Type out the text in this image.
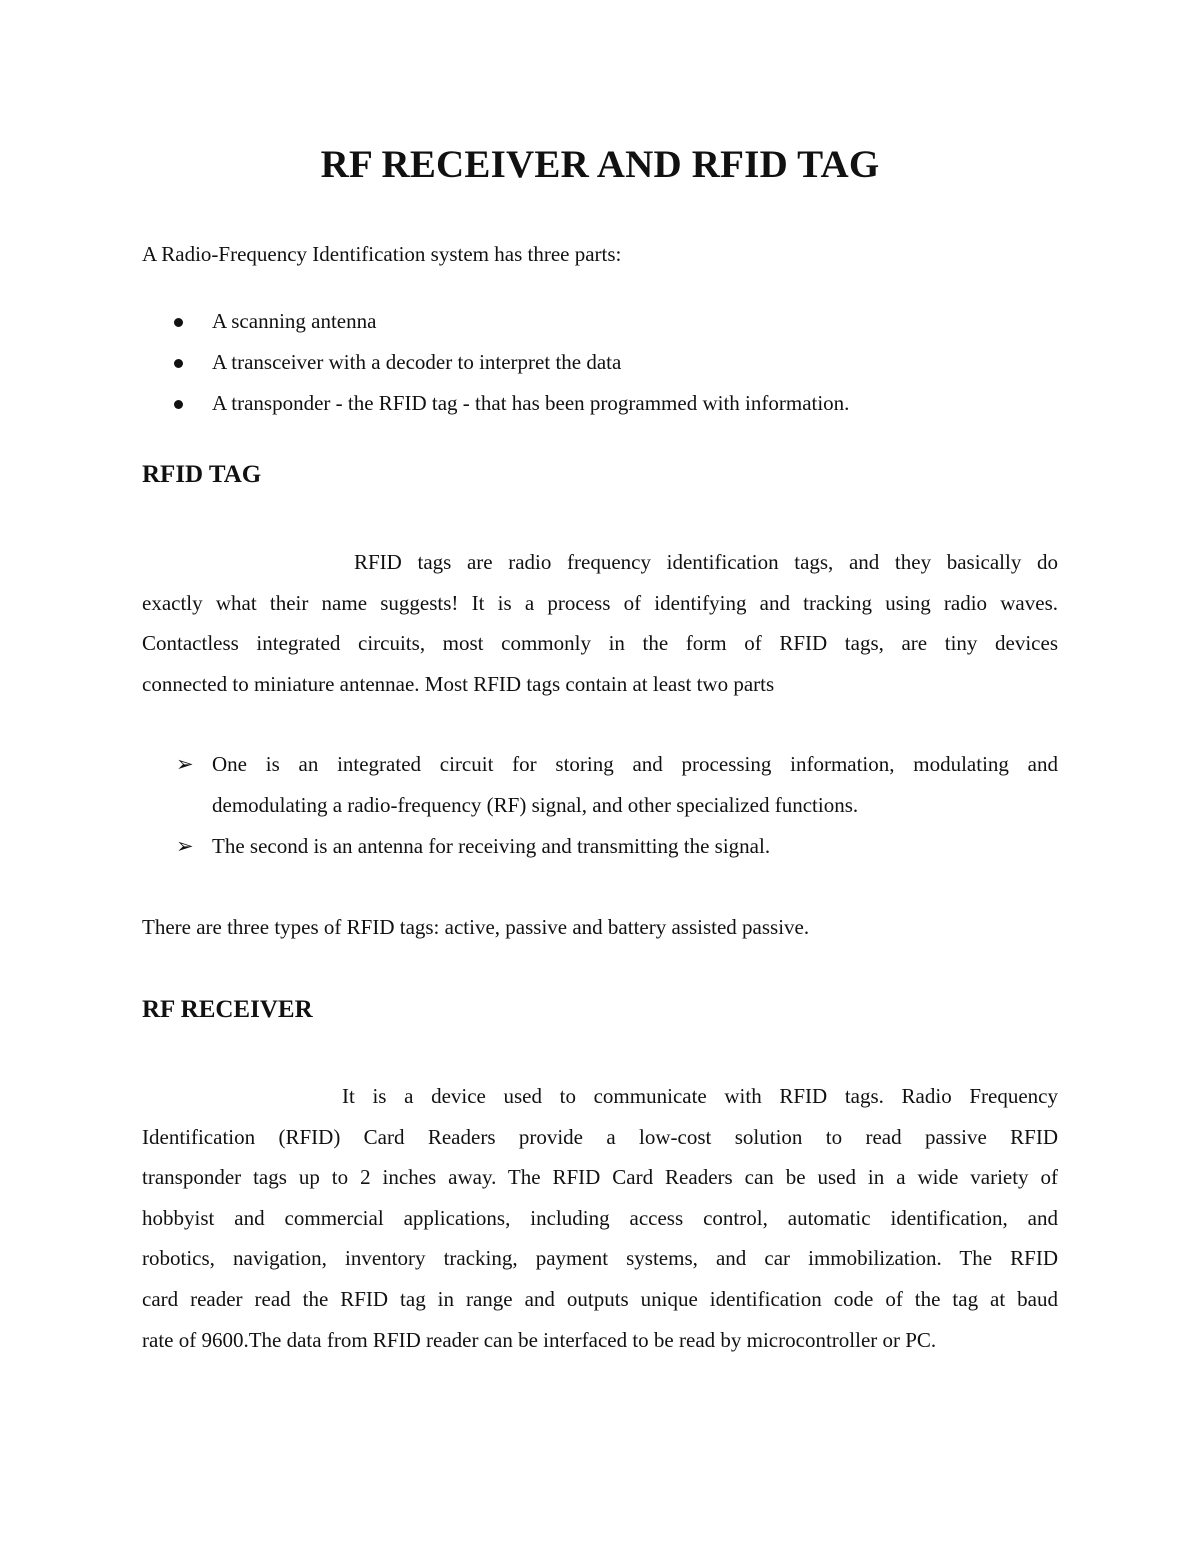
RF RECEIVER AND RFID TAG

A Radio-Frequency Identification system has three parts:

A scanning antenna

A transceiver with a decoder to interpret the data

A transponder - the RFID tag - that has been programmed with information.

RFID TAG

RFID tags are radio frequency identification tags, and they basically do

exactly what their name suggests! It is a process of identifying and tracking using radio waves.

Contactless integrated circuits, most commonly in the form of RFID tags, are tiny devices

connected to miniature antennae. Most RFID tags contain at least two parts

➢ One is an integrated circuit for storing and processing information, modulating and

demodulating a radio-frequency (RF) signal, and other specialized functions.

➢ The second is an antenna for receiving and transmitting the signal.

There are three types of RFID tags: active, passive and battery assisted passive.

RF RECEIVER

It is a device used to communicate with RFID tags. Radio Frequency

Identification (RFID) Card Readers provide a low-cost solution to read passive RFID

transponder tags up to 2 inches away. The RFID Card Readers can be used in a wide variety of

hobbyist and commercial applications, including access control, automatic identification, and

robotics, navigation, inventory tracking, payment systems, and car immobilization. The RFID

card reader read the RFID tag in range and outputs unique identification code of the tag at baud

rate of 9600.The data from RFID reader can be interfaced to be read by microcontroller or PC.
